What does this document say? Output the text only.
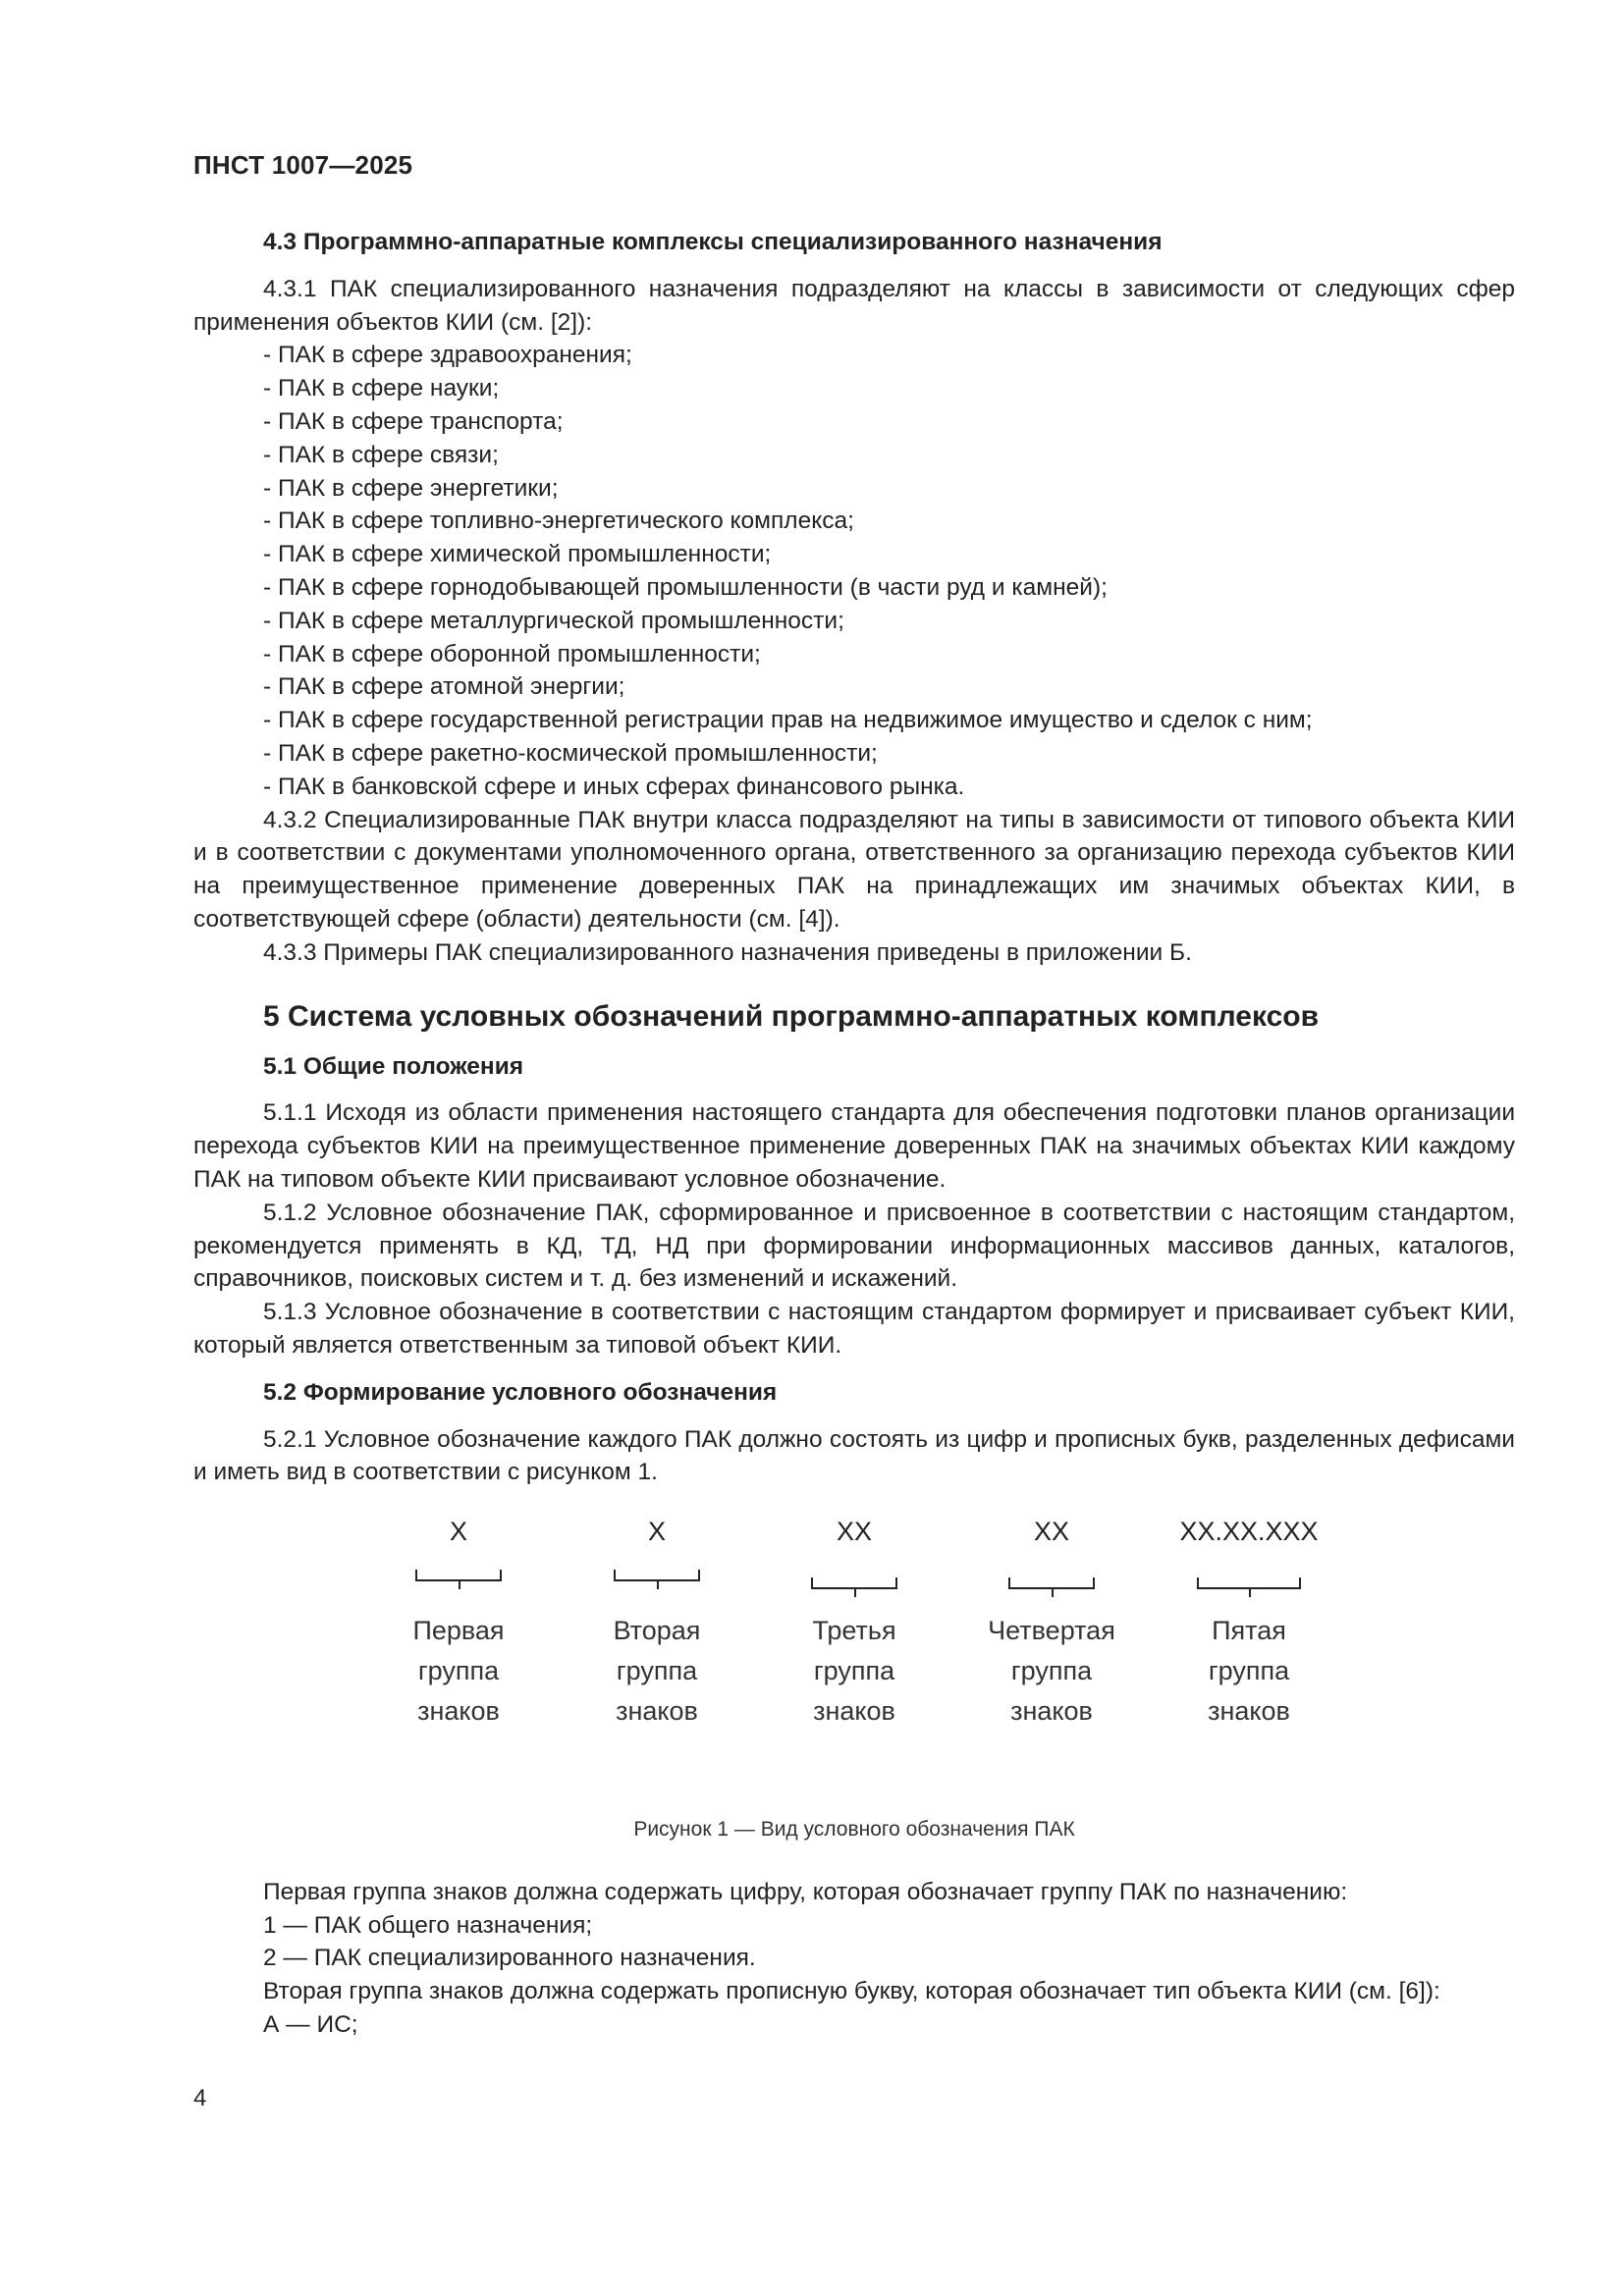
ПНСТ 1007—2025
4.3 Программно-аппаратные комплексы специализированного назначения

4.3.1 ПАК специализированного назначения подразделяют на классы в зависимости от следующих сфер применения объектов КИИ (см. [2]):

- ПАК в сфере здравоохранения;
- ПАК в сфере науки;
- ПАК в сфере транспорта;
- ПАК в сфере связи;
- ПАК в сфере энергетики;
- ПАК в сфере топливно-энергетического комплекса;
- ПАК в сфере химической промышленности;
- ПАК в сфере горнодобывающей промышленности (в части руд и камней);
- ПАК в сфере металлургической промышленности;
- ПАК в сфере оборонной промышленности;
- ПАК в сфере атомной энергии;
- ПАК в сфере государственной регистрации прав на недвижимое имущество и сделок с ним;
- ПАК в сфере ракетно-космической промышленности;
- ПАК в банковской сфере и иных сферах финансового рынка.

4.3.2 Специализированные ПАК внутри класса подразделяют на типы в зависимости от типового объекта КИИ и в соответствии с документами уполномоченного органа, ответственного за организацию перехода субъектов КИИ на преимущественное применение доверенных ПАК на принадлежащих им значимых объектах КИИ, в соответствующей сфере (области) деятельности (см. [4]).

4.3.3 Примеры ПАК специализированного назначения приведены в приложении Б.

5 Система условных обозначений программно-аппаратных комплексов
5.1 Общие положения

5.1.1 Исходя из области применения настоящего стандарта для обеспечения подготовки планов организации перехода субъектов КИИ на преимущественное применение доверенных ПАК на значимых объектах КИИ каждому ПАК на типовом объекте КИИ присваивают условное обозначение.

5.1.2 Условное обозначение ПАК, сформированное и присвоенное в соответствии с настоящим стандартом, рекомендуется применять в КД, ТД, НД при формировании информационных массивов данных, каталогов, справочников, поисковых систем и т. д. без изменений и искажений.

5.1.3 Условное обозначение в соответствии с настоящим стандартом формирует и присваивает субъект КИИ, который является ответственным за типовой объект КИИ.

5.2 Формирование условного обозначения

5.2.1 Условное обозначение каждого ПАК должно состоять из цифр и прописных букв, разделенных дефисами и иметь вид в соответствии с рисунком 1.

X
Первая
группа
знаков
X
Вторая
группа
знаков
XX
Третья
группа
знаков
XX
Четвертая
группа
знаков
XX.XX.XXX
Пятая
группа
знаков
Рисунок 1 — Вид условного обозначения ПАК

Первая группа знаков должна содержать цифру, которая обозначает группу ПАК по назначению:

1 — ПАК общего назначения;
2 — ПАК специализированного назначения.

Вторая группа знаков должна содержать прописную букву, которая обозначает тип объекта КИИ (см. [6]):

А — ИС;
4
